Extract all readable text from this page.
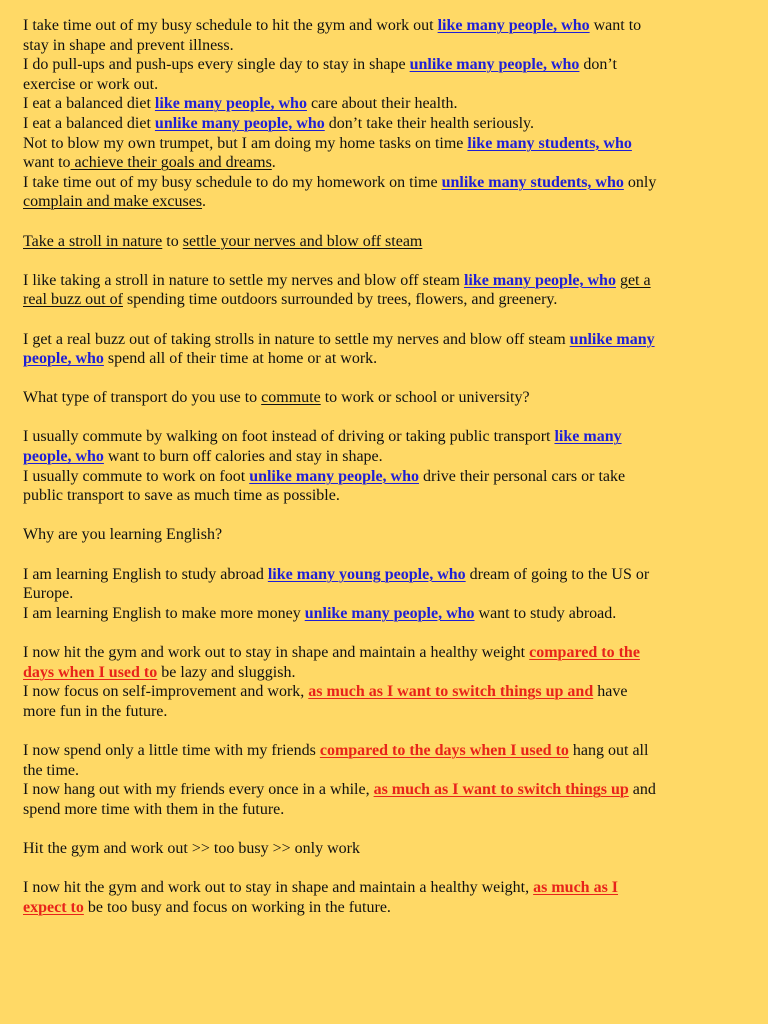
I take time out of my busy schedule to hit the gym and work out like many people, who want to
stay in shape and prevent illness.
I do pull-ups and push-ups every single day to stay in shape unlike many people, who don’t
exercise or work out.
I eat a balanced diet like many people, who care about their health.
I eat a balanced diet unlike many people, who don’t take their health seriously.
Not to blow my own trumpet, but I am doing my home tasks on time like many students, who
want to achieve their goals and dreams.
I take time out of my busy schedule to do my homework on time unlike many students, who only
complain and make excuses.
Take a stroll in nature to settle your nerves and blow off steam
I like taking a stroll in nature to settle my nerves and blow off steam like many people, who get a
real buzz out of spending time outdoors surrounded by trees, flowers, and greenery.
I get a real buzz out of taking strolls in nature to settle my nerves and blow off steam unlike many
people, who spend all of their time at home or at work.
What type of transport do you use to commute to work or school or university?
I usually commute by walking on foot instead of driving or taking public transport like many
people, who want to burn off calories and stay in shape.
I usually commute to work on foot unlike many people, who drive their personal cars or take
public transport to save as much time as possible.
Why are you learning English?
I am learning English to study abroad like many young people, who dream of going to the US or
Europe.
I am learning English to make more money unlike many people, who want to study abroad.
I now hit the gym and work out to stay in shape and maintain a healthy weight compared to the
days when I used to be lazy and sluggish.
I now focus on self-improvement and work, as much as I want to switch things up and have
more fun in the future.
I now spend only a little time with my friends compared to the days when I used to hang out all
the time.
I now hang out with my friends every once in a while, as much as I want to switch things up and
spend more time with them in the future.
Hit the gym and work out >> too busy >> only work
I now hit the gym and work out to stay in shape and maintain a healthy weight, as much as I
expect to be too busy and focus on working in the future.
